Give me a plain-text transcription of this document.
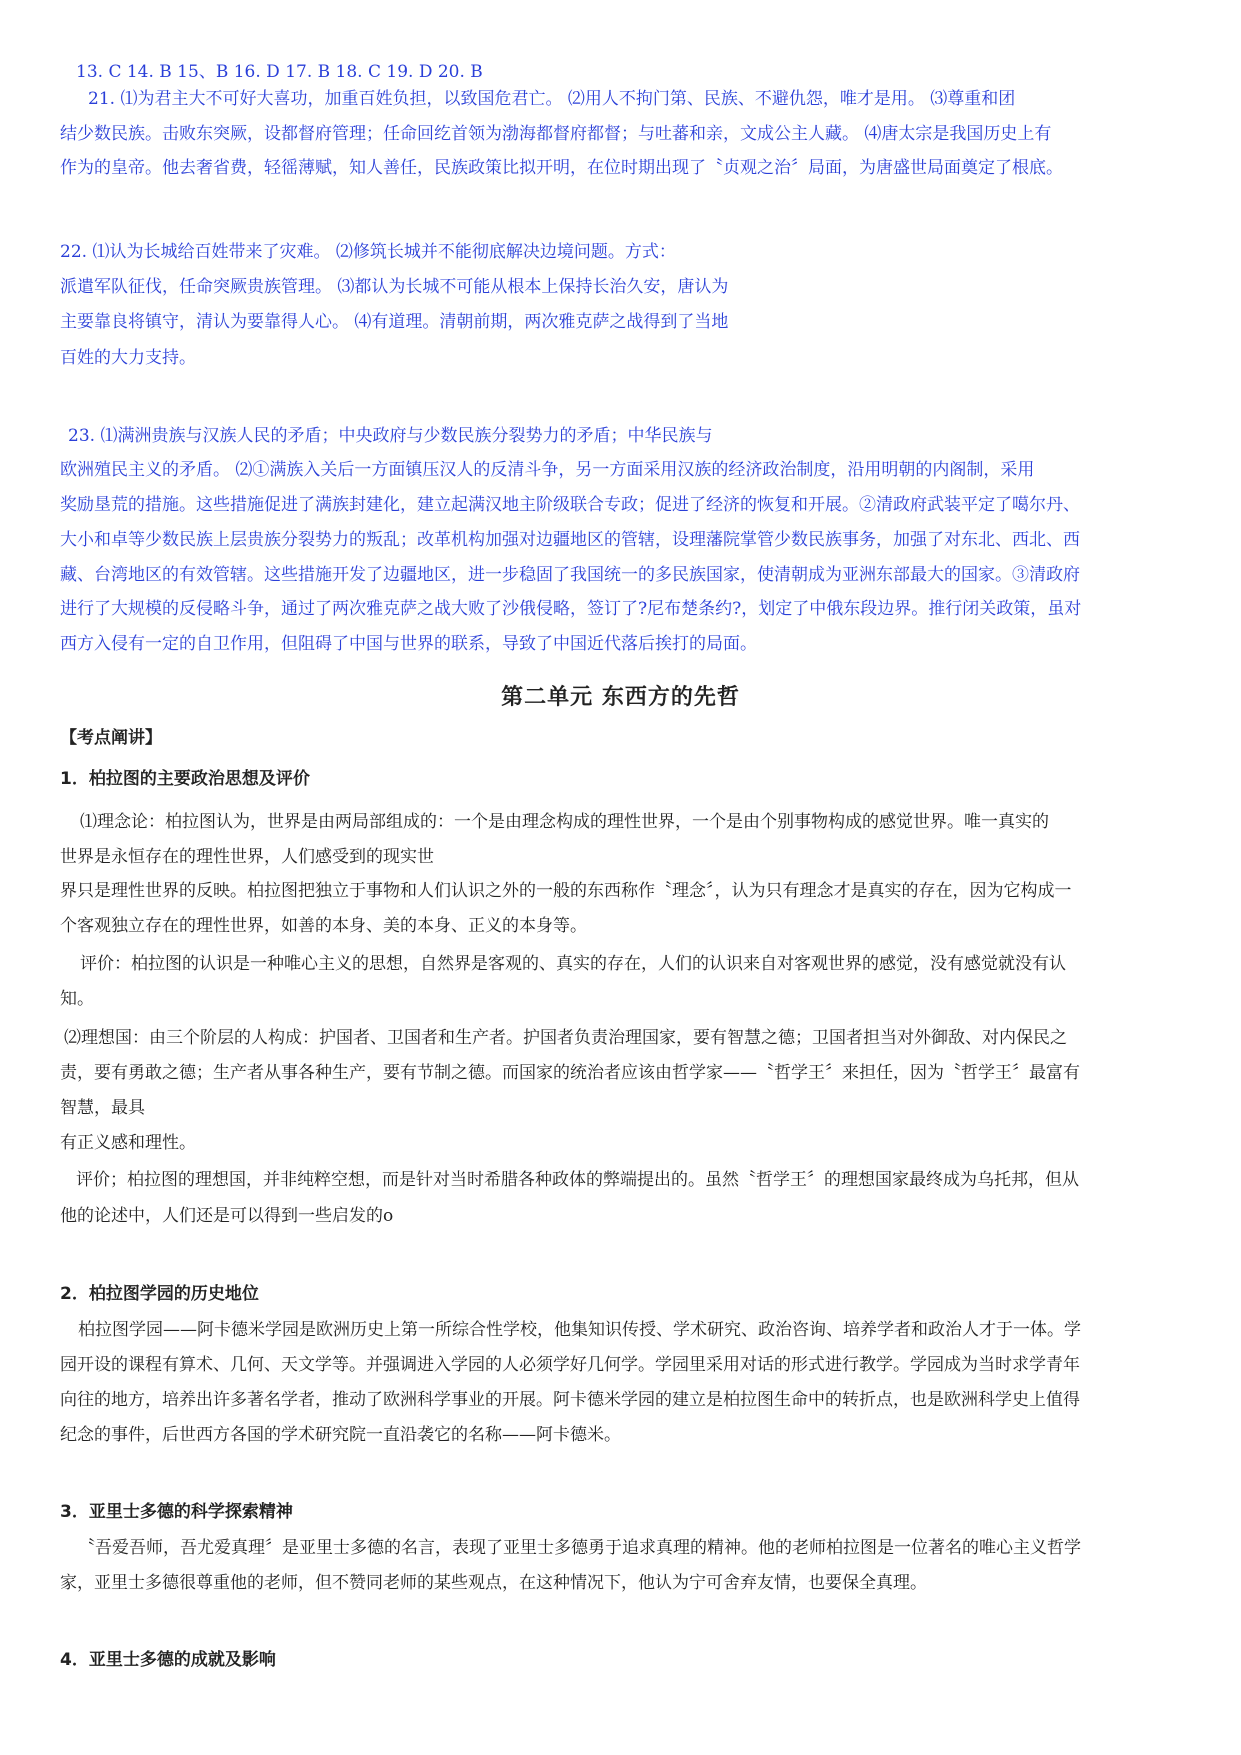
13. C 14. B 15、B 16. D 17. B 18. C 19. D 20. B
21. ⑴为君主大不可好大喜功，加重百姓负担，以致国危君亡。 ⑵用人不拘门第、民族、不避仇怨，唯才是用。 ⑶尊重和团
结少数民族。击败东突厥，设都督府管理；任命回纥首领为渤海都督府都督；与吐蕃和亲，文成公主人藏。 ⑷唐太宗是我国历史上有
作为的皇帝。他去奢省费，轻徭薄赋，知人善任，民族政策比拟开明，在位时期出现了〝贞观之治〞局面，为唐盛世局面奠定了根底。
22. ⑴认为长城给百姓带来了灾难。 ⑵修筑长城并不能彻底解决边境问题。方式：
派遣军队征伐，任命突厥贵族管理。 ⑶都认为长城不可能从根本上保持长治久安，唐认为
主要靠良将镇守，清认为要靠得人心。 ⑷有道理。清朝前期，两次雅克萨之战得到了当地
百姓的大力支持。
23. ⑴满洲贵族与汉族人民的矛盾；中央政府与少数民族分裂势力的矛盾；中华民族与
欧洲殖民主义的矛盾。 ⑵①满族入关后一方面镇压汉人的反清斗争，另一方面采用汉族的经济政治制度，沿用明朝的内阁制，采用
奖励垦荒的措施。这些措施促进了满族封建化，建立起满汉地主阶级联合专政；促进了经济的恢复和开展。②清政府武装平定了噶尔丹、
大小和卓等少数民族上层贵族分裂势力的叛乱；改革机构加强对边疆地区的管辖，设理藩院掌管少数民族事务，加强了对东北、西北、西
藏、台湾地区的有效管辖。这些措施开发了边疆地区，进一步稳固了我国统一的多民族国家，使清朝成为亚洲东部最大的国家。③清政府
进行了大规模的反侵略斗争，通过了两次雅克萨之战大败了沙俄侵略，签订了?尼布楚条约?，划定了中俄东段边界。推行闭关政策，虽对
西方入侵有一定的自卫作用，但阻碍了中国与世界的联系，导致了中国近代落后挨打的局面。
第二单元 东西方的先哲
【考点阐讲】
1．柏拉图的主要政治思想及评价
⑴理念论：柏拉图认为，世界是由两局部组成的：一个是由理念构成的理性世界，一个是由个别事物构成的感觉世界。唯一真实的
世界是永恒存在的理性世界，人们感受到的现实世
界只是理性世界的反映。柏拉图把独立于事物和人们认识之外的一般的东西称作〝理念〞，认为只有理念才是真实的存在，因为它构成一
个客观独立存在的理性世界，如善的本身、美的本身、正义的本身等。
评价：柏拉图的认识是一种唯心主义的思想，自然界是客观的、真实的存在，人们的认识来自对客观世界的感觉，没有感觉就没有认
知。
⑵理想国：由三个阶层的人构成：护国者、卫国者和生产者。护国者负责治理国家，要有智慧之德；卫国者担当对外御敌、对内保民之
责，要有勇敢之德；生产者从事各种生产，要有节制之德。而国家的统治者应该由哲学家——〝哲学王〞来担任，因为〝哲学王〞最富有
智慧，最具
有正义感和理性。
评价；柏拉图的理想国，并非纯粹空想，而是针对当时希腊各种政体的弊端提出的。虽然〝哲学王〞的理想国家最终成为乌托邦，但从
他的论述中，人们还是可以得到一些启发的o
2．柏拉图学园的历史地位
柏拉图学园——阿卡德米学园是欧洲历史上第一所综合性学校，他集知识传授、学术研究、政治咨询、培养学者和政治人才于一体。学
园开设的课程有算术、几何、天文学等。并强调进入学园的人必须学好几何学。学园里采用对话的形式进行教学。学园成为当时求学青年
向往的地方，培养出许多著名学者，推动了欧洲科学事业的开展。阿卡德米学园的建立是柏拉图生命中的转折点，也是欧洲科学史上值得
纪念的事件，后世西方各国的学术研究院一直沿袭它的名称——阿卡德米。
3．亚里士多德的科学探索精神
〝吾爱吾师，吾尤爱真理〞是亚里士多德的名言，表现了亚里士多德勇于追求真理的精神。他的老师柏拉图是一位著名的唯心主义哲学
家，亚里士多德很尊重他的老师，但不赞同老师的某些观点，在这种情况下，他认为宁可舍弃友情，也要保全真理。
4．亚里士多德的成就及影响
